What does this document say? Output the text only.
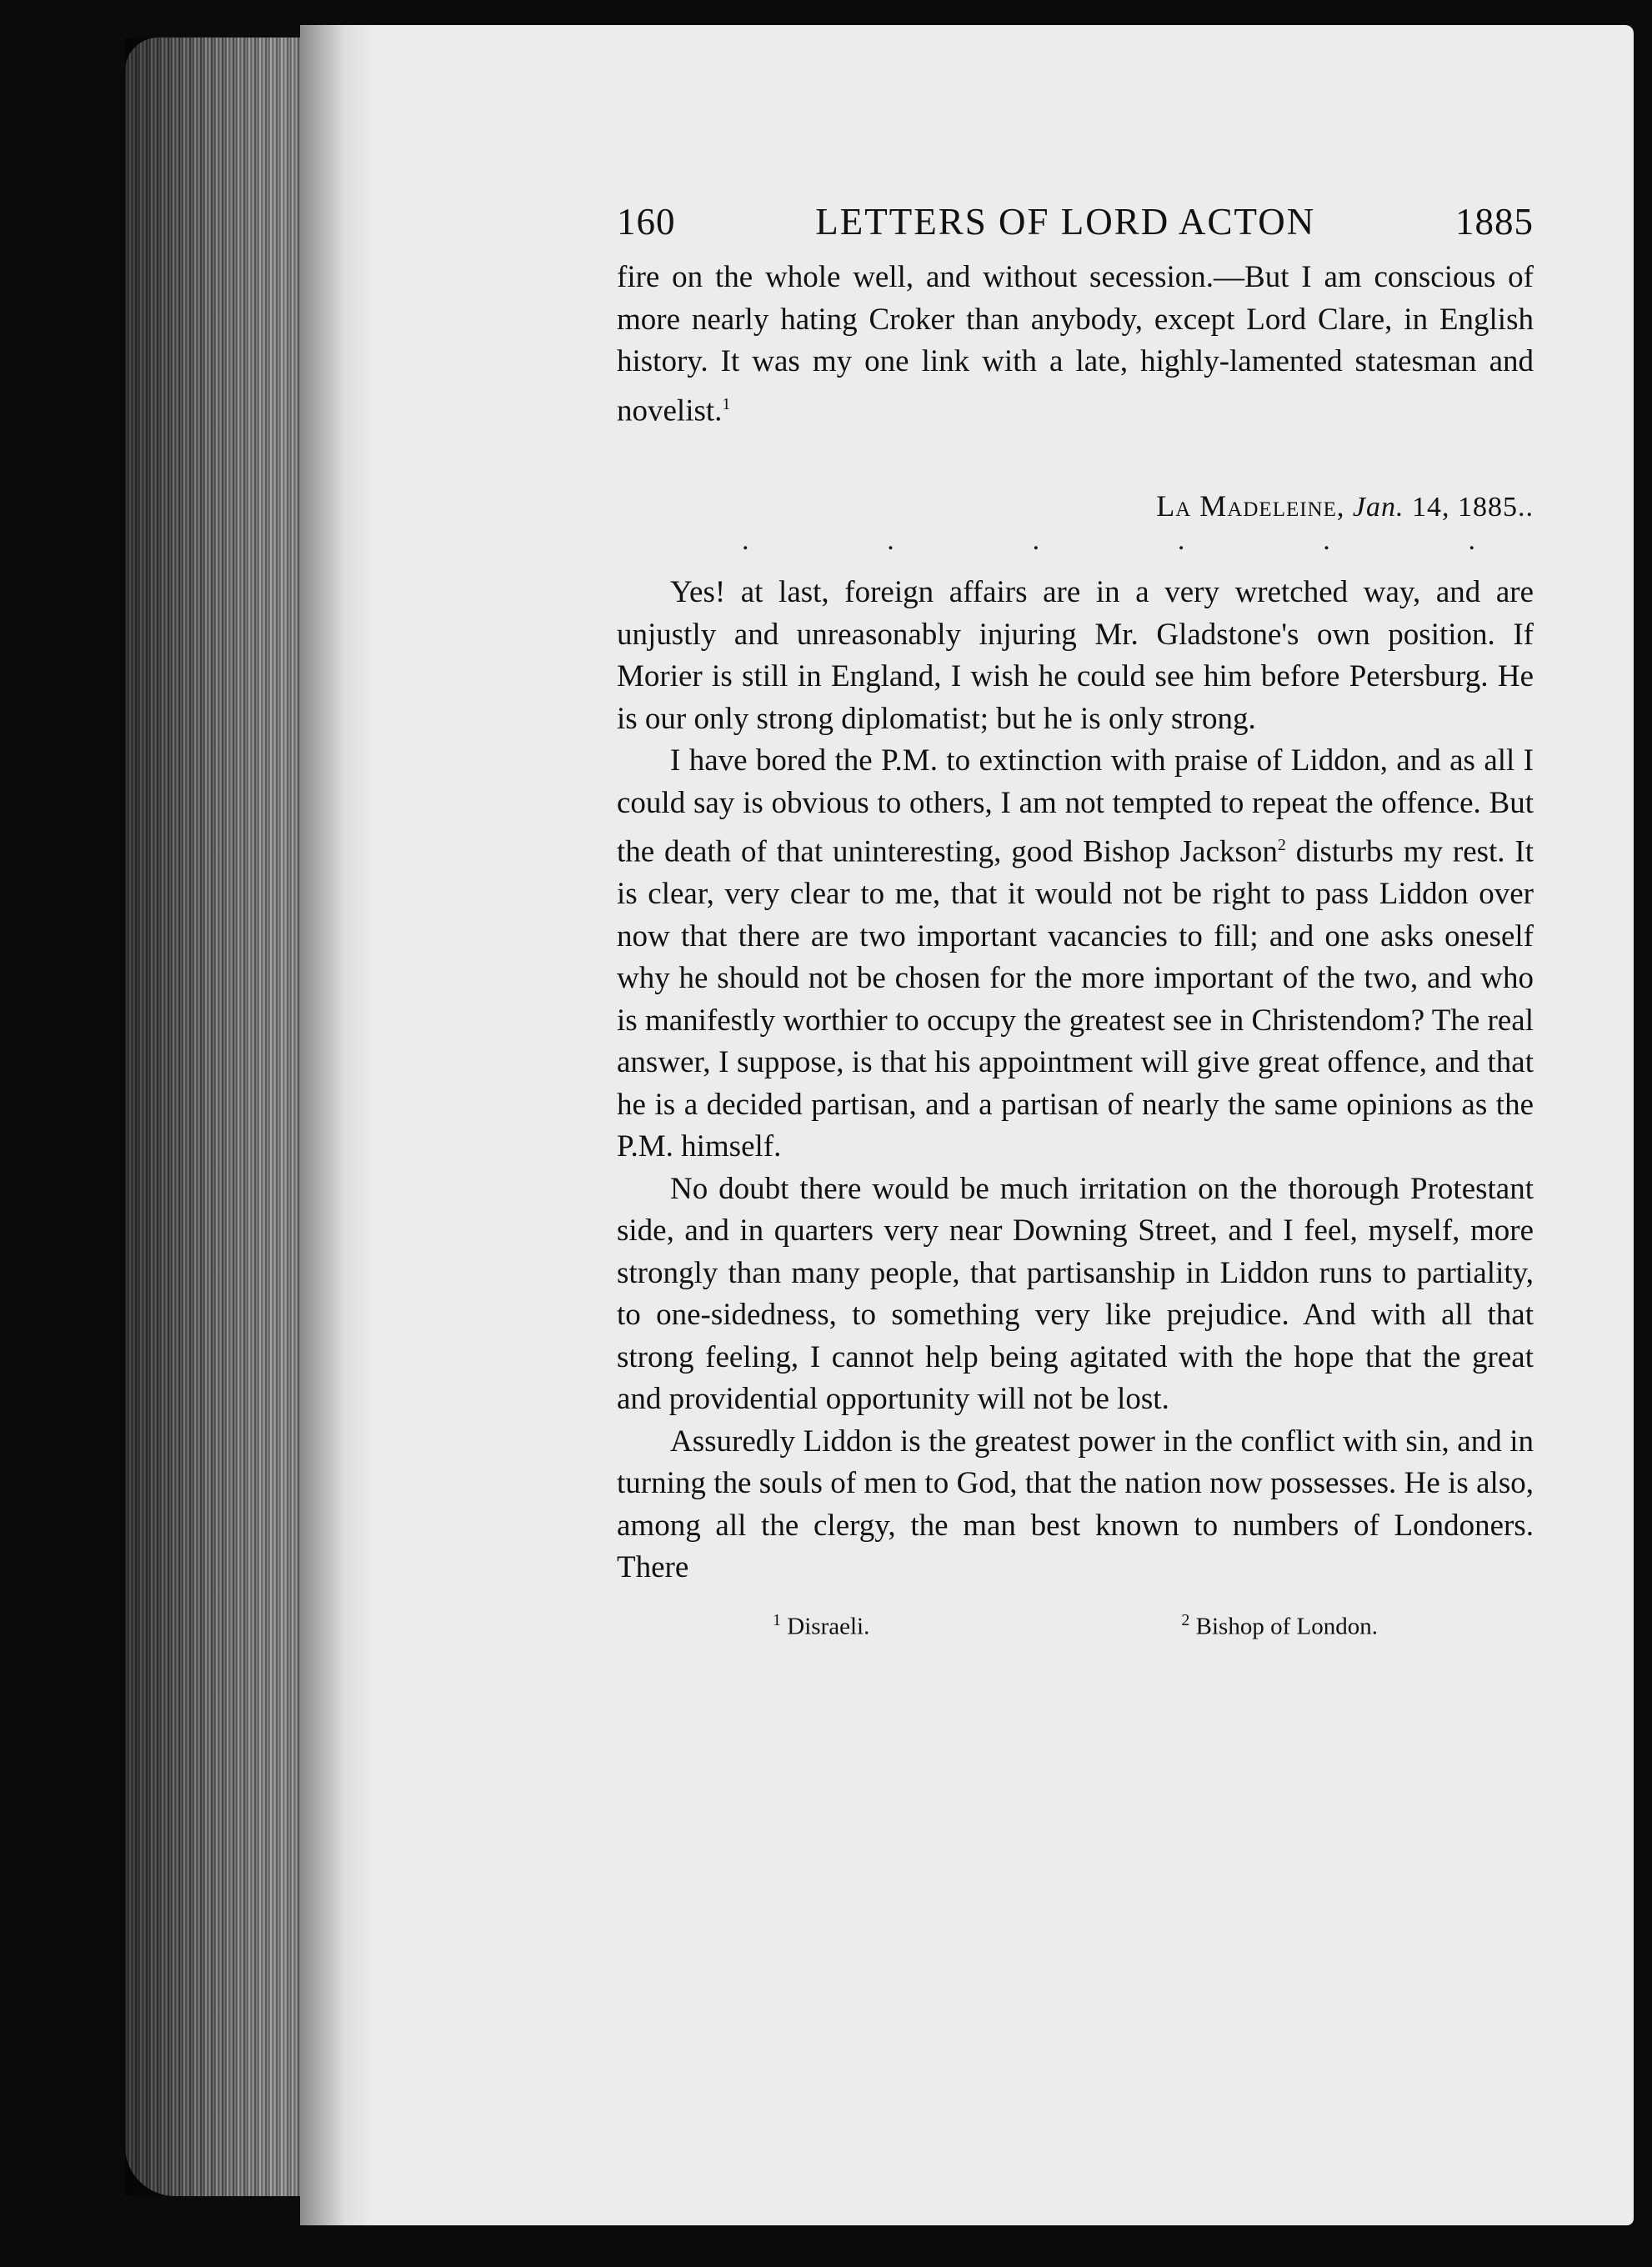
160	LETTERS OF LORD ACTON	1885

fire on the whole well, and without secession.—But I am conscious of more nearly hating Croker than anybody, except Lord Clare, in English history. It was my one link with a late, highly-lamented statesman and novelist.$^1$

La Madeleine, Jan. 14, 1885..
.	.	.	.	.	.

Yes! at last, foreign affairs are in a very wretched way, and are unjustly and unreasonably injuring Mr. Gladstone's own position. If Morier is still in England, I wish he could see him before Petersburg. He is our only strong diplomatist; but he is only strong.

I have bored the P.M. to extinction with praise of Liddon, and as all I could say is obvious to others, I am not tempted to repeat the offence. But the death of that uninteresting, good Bishop Jackson$^2$ disturbs my rest. It is clear, very clear to me, that it would not be right to pass Liddon over now that there are two important vacancies to fill; and one asks oneself why he should not be chosen for the more important of the two, and who is manifestly worthier to occupy the greatest see in Christendom? The real answer, I suppose, is that his appointment will give great offence, and that he is a decided partisan, and a partisan of nearly the same opinions as the P.M. himself.

No doubt there would be much irritation on the thorough Protestant side, and in quarters very near Downing Street, and I feel, myself, more strongly than many people, that partisanship in Liddon runs to partiality, to one-sidedness, to something very like prejudice. And with all that strong feeling, I cannot help being agitated with the hope that the great and providential opportunity will not be lost.

Assuredly Liddon is the greatest power in the conflict with sin, and in turning the souls of men to God, that the nation now possesses. He is also, among all the clergy, the man best known to numbers of Londoners. There

$^1$ Disraeli.	$^2$ Bishop of London.
